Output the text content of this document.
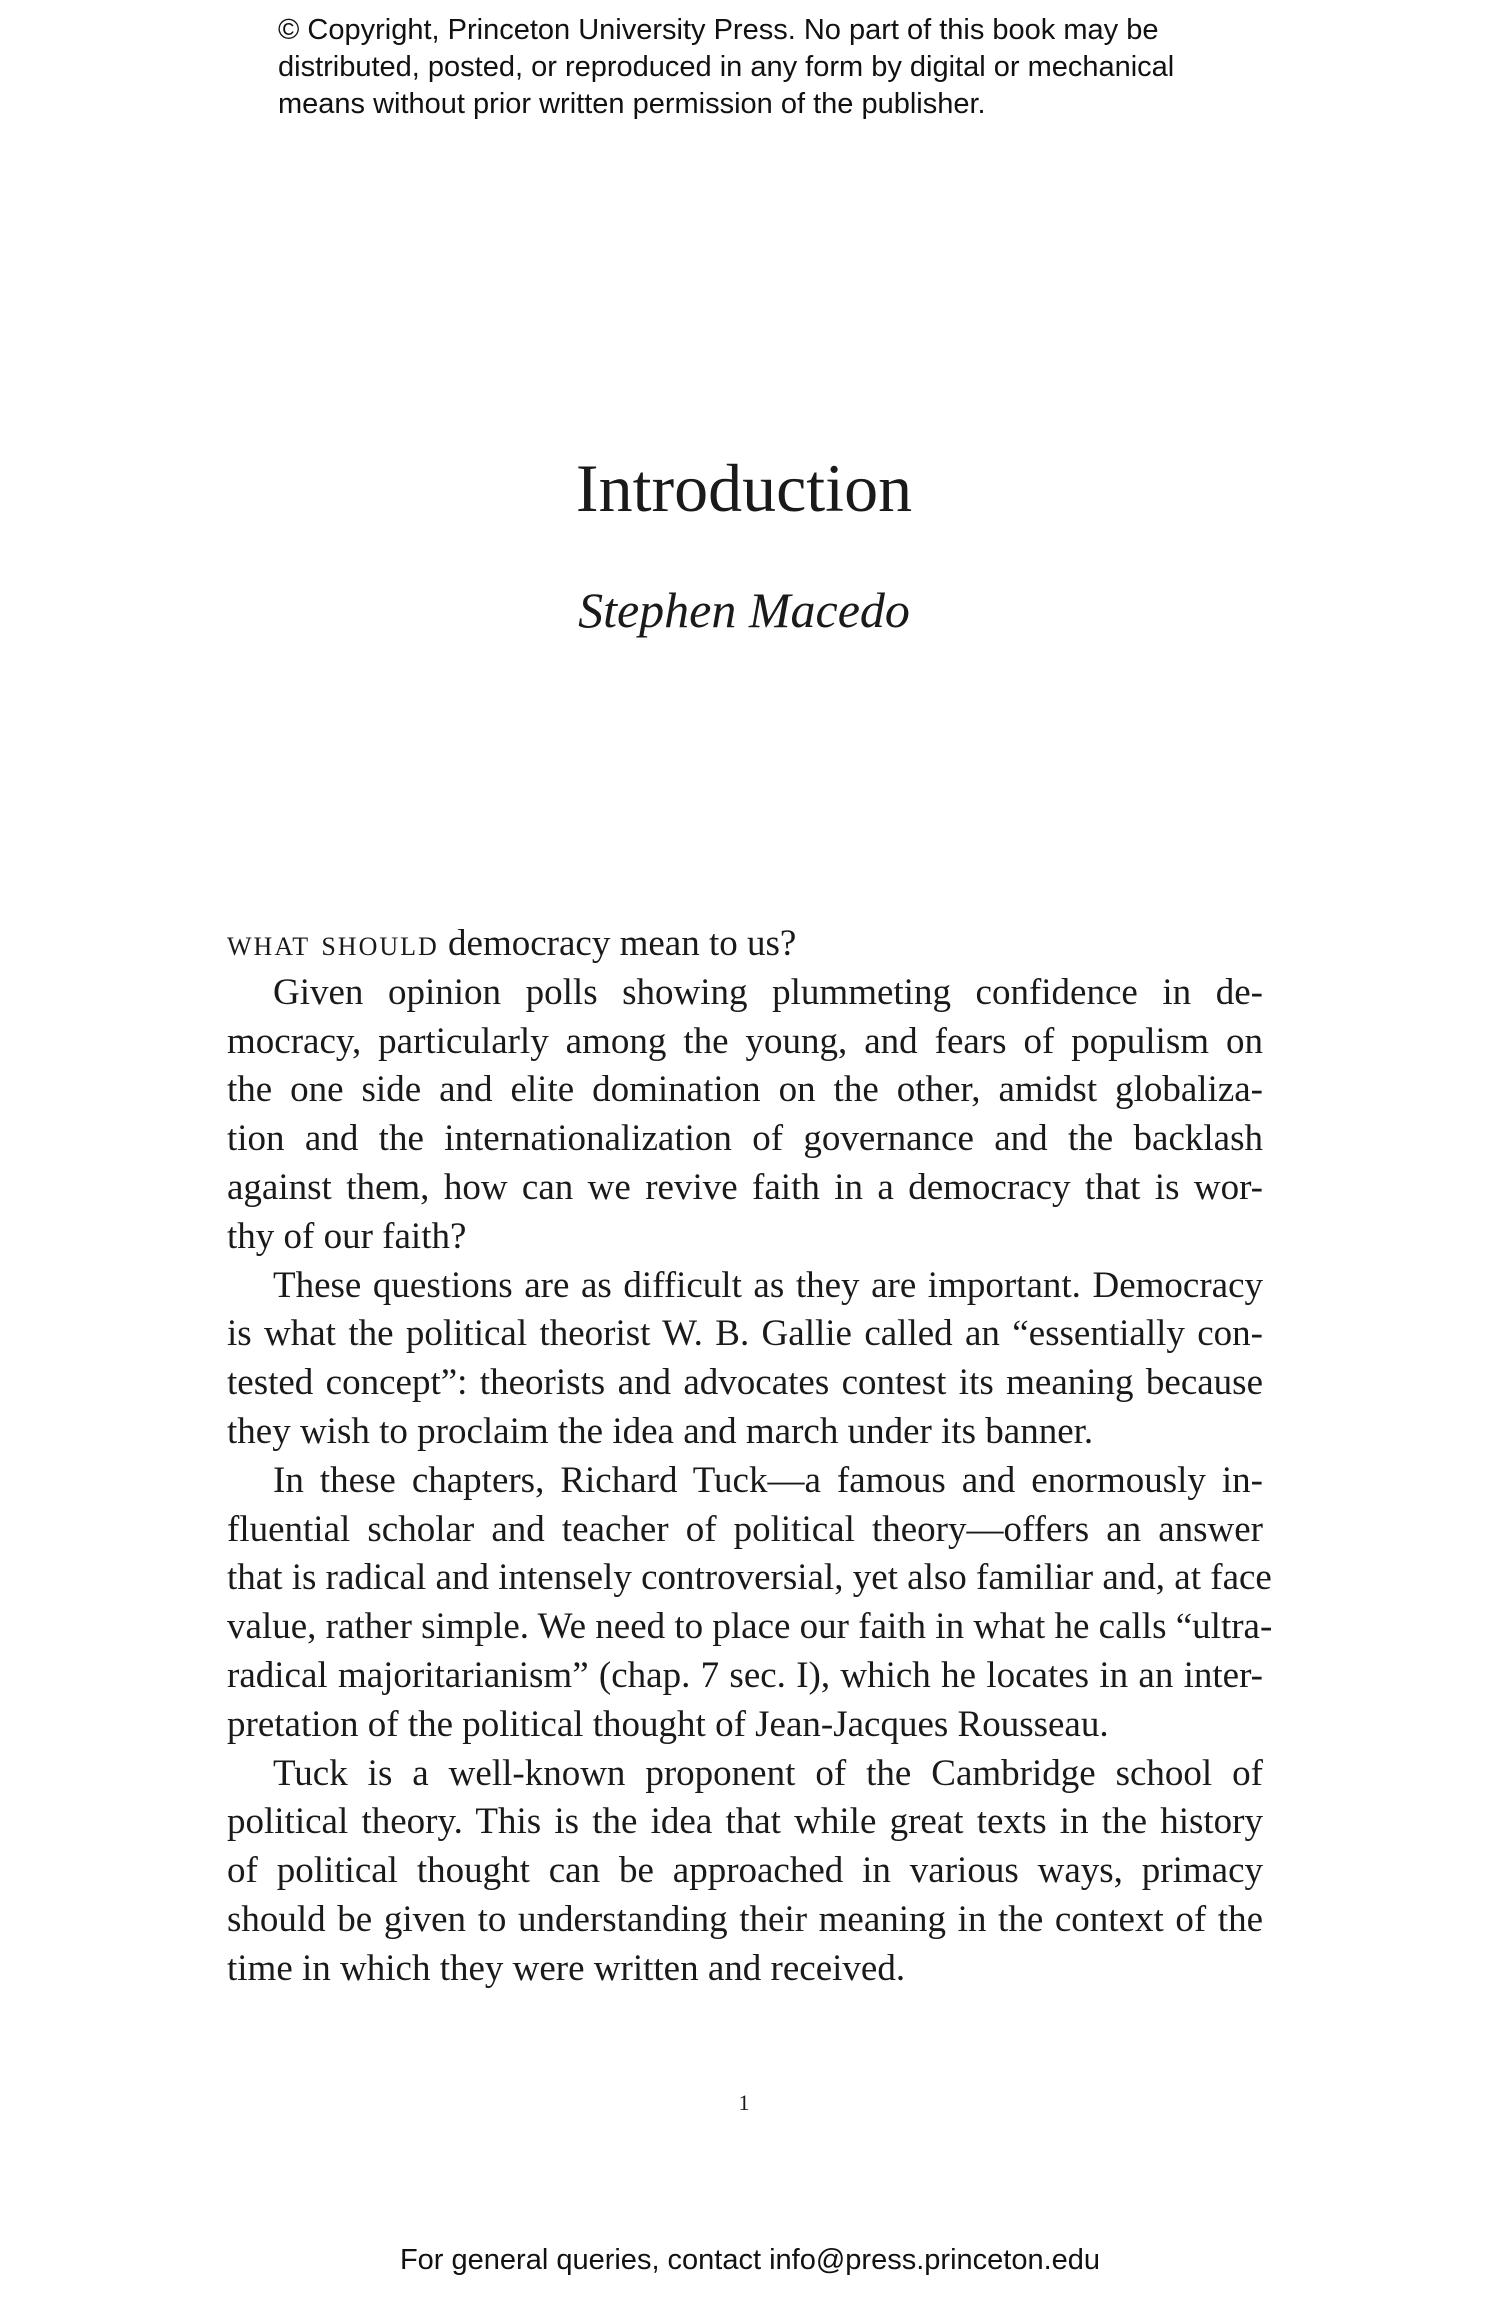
© Copyright, Princeton University Press. No part of this book may be
distributed, posted, or reproduced in any form by digital or mechanical
means without prior written permission of the publisher.
Introduction
Stephen Macedo
what should democracy mean to us?
Given opinion polls showing plummeting confidence in de-
mocracy, particularly among the young, and fears of populism on
the one side and elite domination on the other, amidst globaliza-
tion and the internationalization of governance and the backlash
against them, how can we revive faith in a democracy that is wor-
thy of our faith?
These questions are as difficult as they are important. Democracy
is what the political theorist W. B. Gallie called an “essentially con-
tested concept”: theorists and advocates contest its meaning because
they wish to proclaim the idea and march under its banner.
In these chapters, Richard Tuck—a famous and enormously in-
fluential scholar and teacher of political theory—offers an answer
that is radical and intensely controversial, yet also familiar and, at face
value, rather simple. We need to place our faith in what he calls “ultra-
radical majoritarianism” (chap. 7 sec. I), which he locates in an inter-
pretation of the political thought of Jean-Jacques Rousseau.
Tuck is a well-known proponent of the Cambridge school of
political theory. This is the idea that while great texts in the history
of political thought can be approached in various ways, primacy
should be given to understanding their meaning in the context of the
time in which they were written and received.
1
For general queries, contact info@press.princeton.edu
